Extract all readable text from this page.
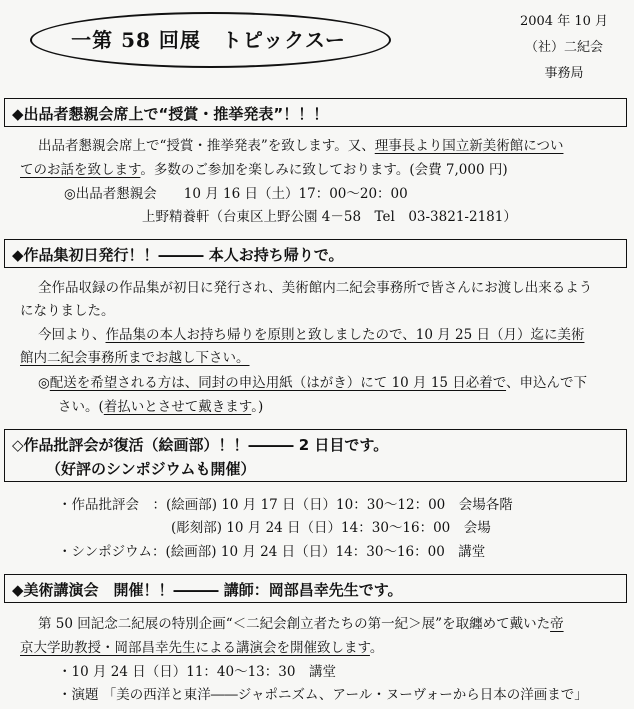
一第 58 回展　トピックスー
2004 年 10 月
（社）二紀会
事務局
◆出品者懇親会席上で“授賞・推挙発表”！！！
出品者懇親会席上で“授賞・推挙発表”を致します。又、理事長より国立新美術館につい
てのお話を致します。多数のご参加を楽しみに致しております。(会費 7,000 円)
◎出品者懇親会　　10 月 16 日（土）17：00～20：00
上野精養軒（台東区上野公園 4－58　Tel　03-3821-2181）
◆作品集初日発行！！――― 本人お持ち帰りで。
全作品収録の作品集が初日に発行され、美術館内二紀会事務所で皆さんにお渡し出来るよう
になりました。
今回より、作品集の本人お持ち帰りを原則と致しましたので、10 月 25 日（月）迄に美術
館内二紀会事務所までお越し下さい。
◎配送を希望される方は、同封の申込用紙（はがき）にて 10 月 15 日必着で、申込んで下
さい。(着払いとさせて戴きます。)
◇作品批評会が復活（絵画部）！！――― 2 日目です。
（好評のシンポジウムも開催）
・作品批評会　：(絵画部) 10 月 17 日（日）10：30～12：00　会場各階
(彫刻部) 10 月 24 日（日）14：30～16：00　会場
・シンポジウム：(絵画部) 10 月 24 日（日）14：30～16：00　講堂
◆美術講演会　開催！！――― 講師：岡部昌幸先生です。
第 50 回記念二紀展の特別企画“＜二紀会創立者たちの第一紀＞展”を取纏めて戴いた帝
京大学助教授・岡部昌幸先生による講演会を開催致します。
・10 月 24 日（日）11：40～13：30　講堂
・演題 「美の西洋と東洋――ジャポニズム、アール・ヌーヴォーから日本の洋画まで」
